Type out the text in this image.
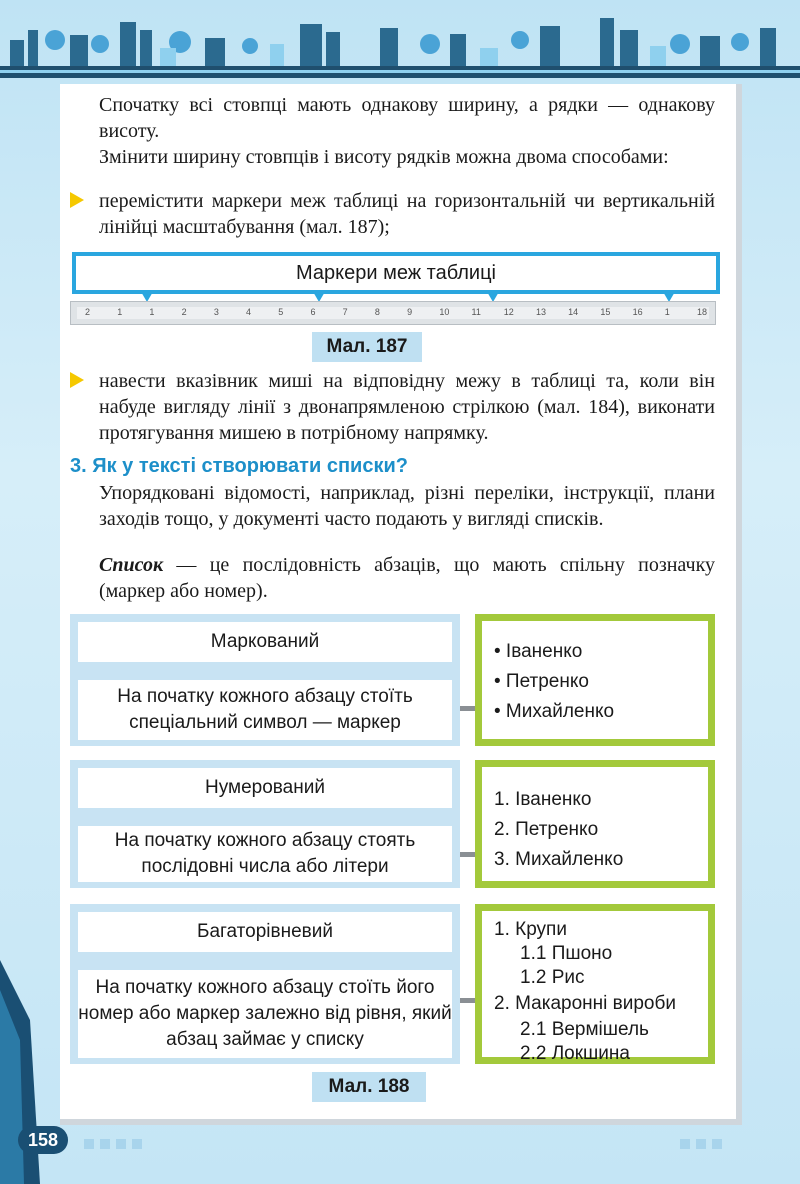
Спочатку всі стовпці мають однакову ширину, а рядки — однакову висоту.

Змінити ширину стовпців і висоту рядків можна двома способами:

перемістити маркери меж таблиці на горизонтальній чи вертикальній лінійці масштабування (мал. 187);

Маркери меж таблиці
2	1	1	2	3	4	5	6	7	8	9	10 11	12 13 14 15 16 1	18
Мал. 187

навести вказівник миші на відповідну межу в таблиці та, коли він набуде вигляду лінії з двонапрямленою стрілкою (мал. 184), виконати протягування мишею в потрібному напрямку.

3. Як у тексті створювати списки?

Упорядковані відомості, наприклад, різні переліки, інструкції, плани заходів тощо, у документі часто подають у вигляді списків.

Список — це послідовність абзаців, що мають спільну позначку (маркер або номер).

Маркований
На початку кожного абзацу стоїть спеціальний символ — маркер
• Іваненко
• Петренко
• Михайленко
Нумерований
На початку кожного абзацу стоять послідовні числа або літери
1. Іваненко
2. Петренко
3. Михайленко
Багаторівневий
На початку кожного абзацу стоїть його номер або маркер залежно від рівня, який абзац займає у списку
1. Крупи
1.1 Пшоно
1.2 Рис
2. Макаронні вироби
2.1 Вермішель
2.2 Локшина
Мал. 188
158
